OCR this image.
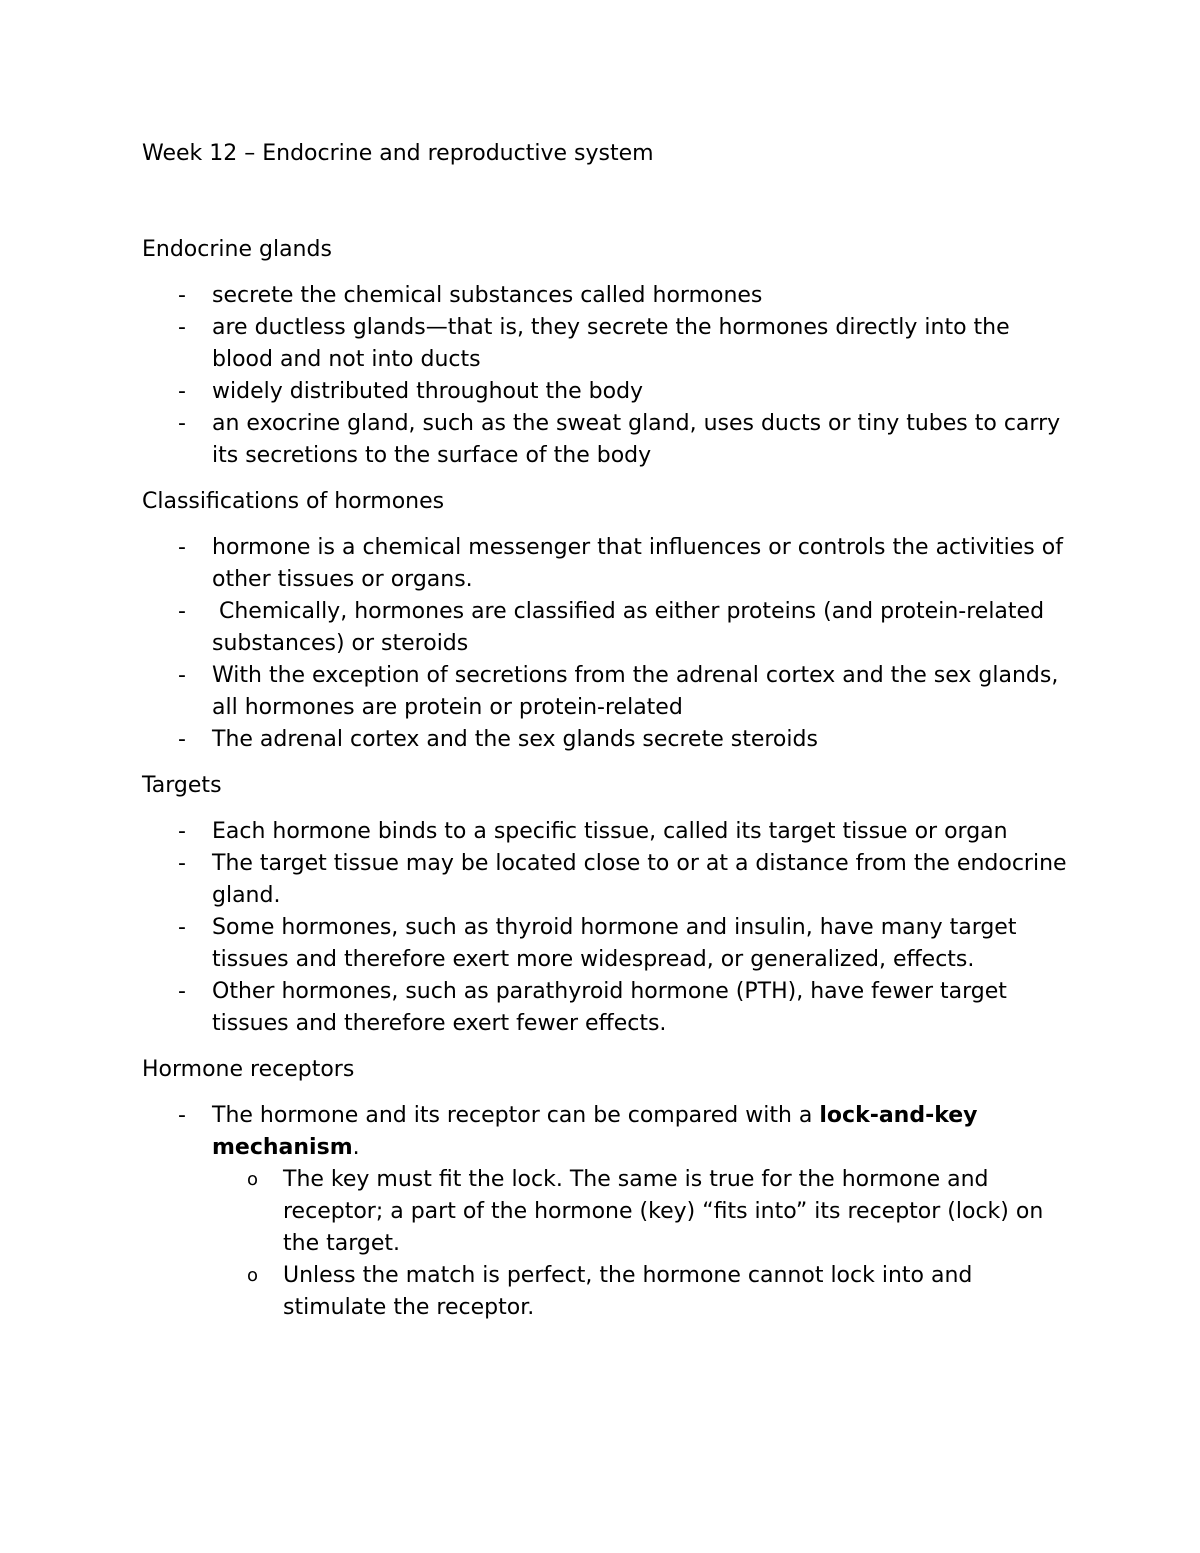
Week 12 – Endocrine and reproductive system

Endocrine glands

-	secrete the chemical substances called hormones
-	are ductless glands—that is, they secrete the hormones directly into the blood and not into ducts
-	widely distributed throughout the body
-	an exocrine gland, such as the sweat gland, uses ducts or tiny tubes to carry its secretions to the surface of the body

Classifications of hormones

-	hormone is a chemical messenger that influences or controls the activities of other tissues or organs.
-	Chemically, hormones are classified as either proteins (and protein-related substances) or steroids
-	With the exception of secretions from the adrenal cortex and the sex glands, all hormones are protein or protein-related
-	The adrenal cortex and the sex glands secrete steroids

Targets

-	Each hormone binds to a specific tissue, called its target tissue or organ
-	The target tissue may be located close to or at a distance from the endocrine gland.
-	Some hormones, such as thyroid hormone and insulin, have many target tissues and therefore exert more widespread, or generalized, effects.
-	Other hormones, such as parathyroid hormone (PTH), have fewer target tissues and therefore exert fewer effects.

Hormone receptors

-	The hormone and its receptor can be compared with a lock-and-key mechanism.
o The key must fit the lock. The same is true for the hormone and receptor; a part of the hormone (key) “fits into” its receptor (lock) on the target.
o Unless the match is perfect, the hormone cannot lock into and stimulate the receptor.
